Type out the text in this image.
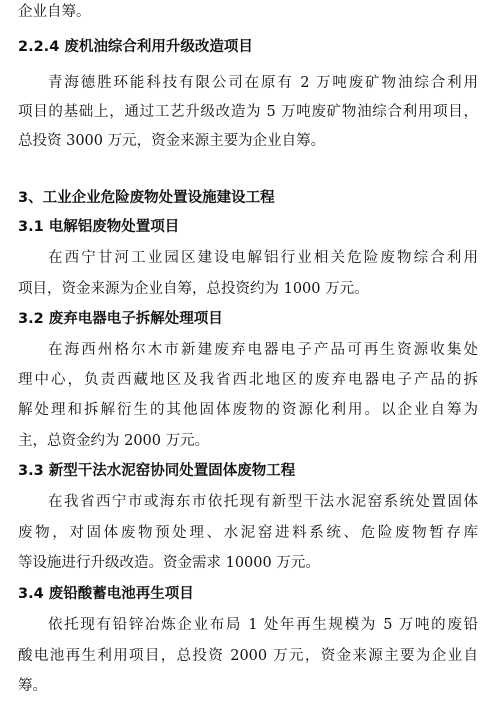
企业自筹。
2.2.4 废机油综合利用升级改造项目
青海德胜环能科技有限公司在原有 2 万吨废矿物油综合利用
项目的基础上，通过工艺升级改造为 5 万吨废矿物油综合利用项目，
总投资 3000 万元，资金来源主要为企业自筹。
3、工业企业危险废物处置设施建设工程
3.1 电解铝废物处置项目
在西宁甘河工业园区建设电解铝行业相关危险废物综合利用
项目，资金来源为企业自筹，总投资约为 1000 万元。
3.2 废弃电器电子拆解处理项目
在海西州格尔木市新建废弃电器电子产品可再生资源收集处
理中心，负责西藏地区及我省西北地区的废弃电器电子产品的拆
解处理和拆解衍生的其他固体废物的资源化利用。以企业自筹为
主，总资金约为 2000 万元。
3.3 新型干法水泥窑协同处置固体废物工程
在我省西宁市或海东市依托现有新型干法水泥窑系统处置固体
废物，对固体废物预处理、水泥窑进料系统、危险废物暂存库
等设施进行升级改造。资金需求 10000 万元。
3.4 废铅酸蓄电池再生项目
依托现有铅锌冶炼企业布局 1 处年再生规模为 5 万吨的废铅
酸电池再生利用项目，总投资 2000 万元，资金来源主要为企业自
筹。
